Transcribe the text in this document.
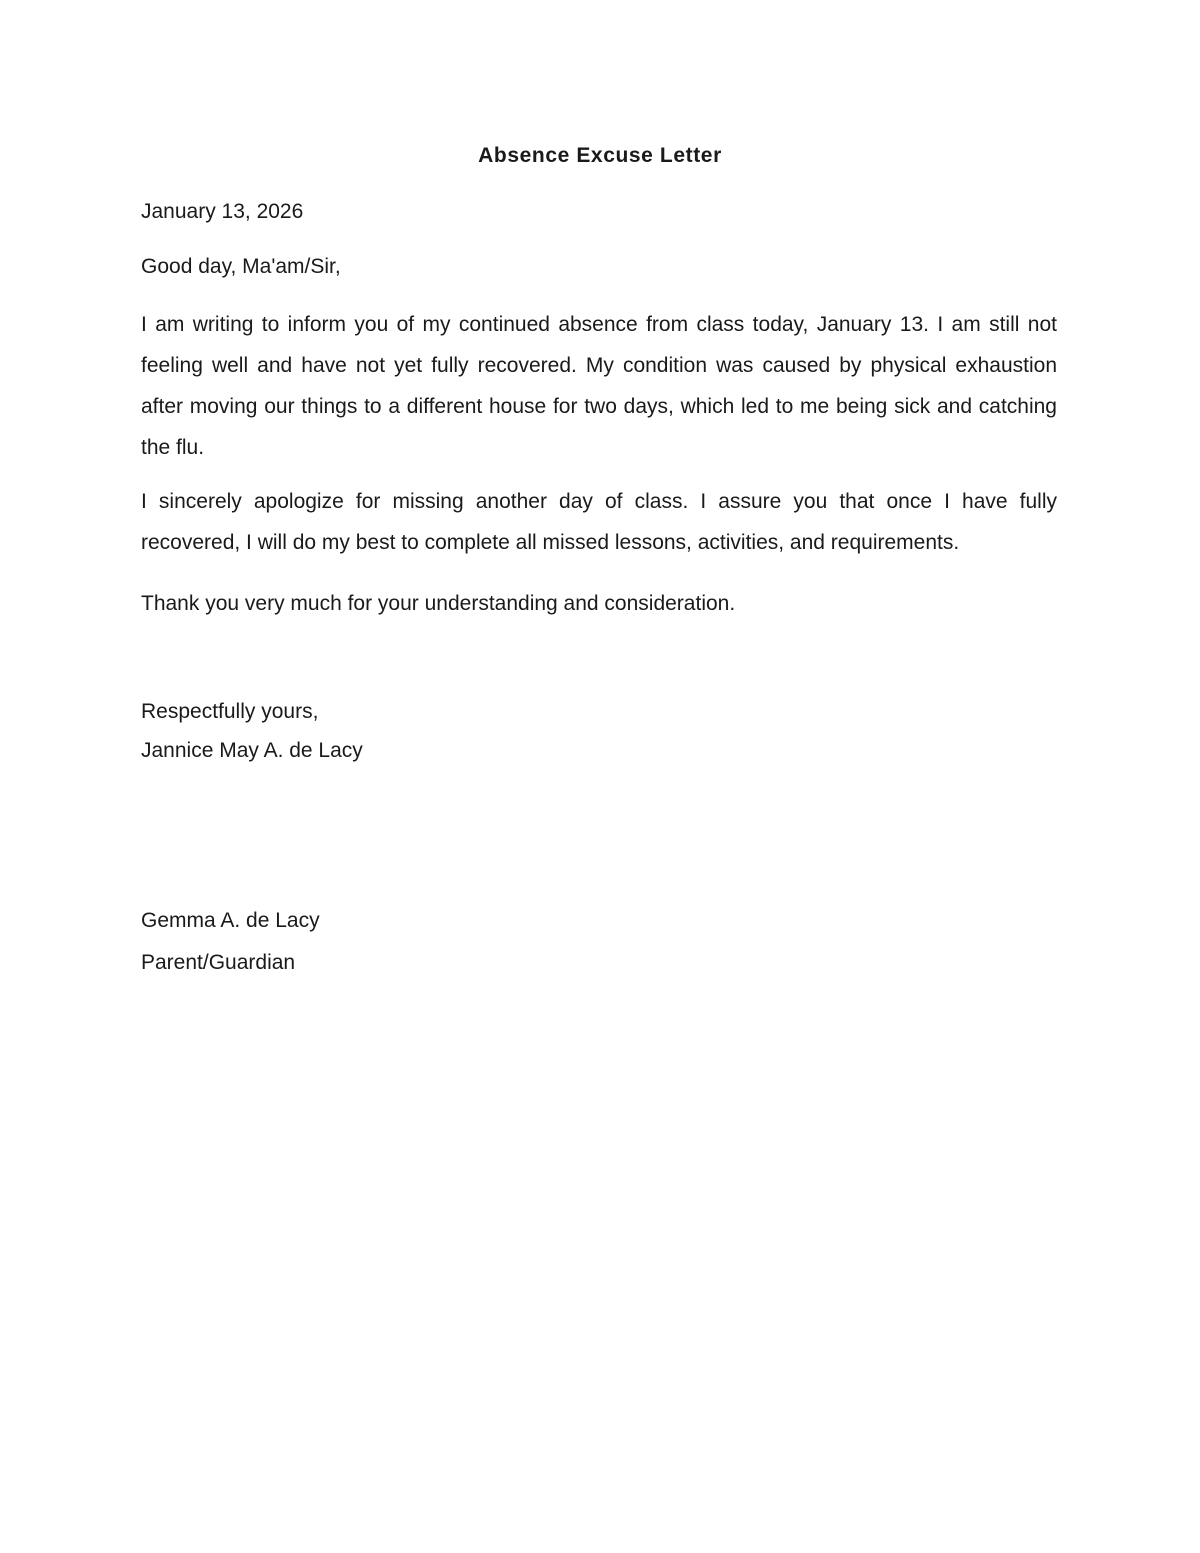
Absence Excuse Letter
January 13, 2026
Good day, Ma'am/Sir,
I am writing to inform you of my continued absence from class today, January 13. I am still not feeling well and have not yet fully recovered. My condition was caused by physical exhaustion after moving our things to a different house for two days, which led to me being sick and catching the flu.
I sincerely apologize for missing another day of class. I assure you that once I have fully recovered, I will do my best to complete all missed lessons, activities, and requirements.
Thank you very much for your understanding and consideration.
Respectfully yours,
Jannice May A. de Lacy
Gemma A. de Lacy
Parent/Guardian
